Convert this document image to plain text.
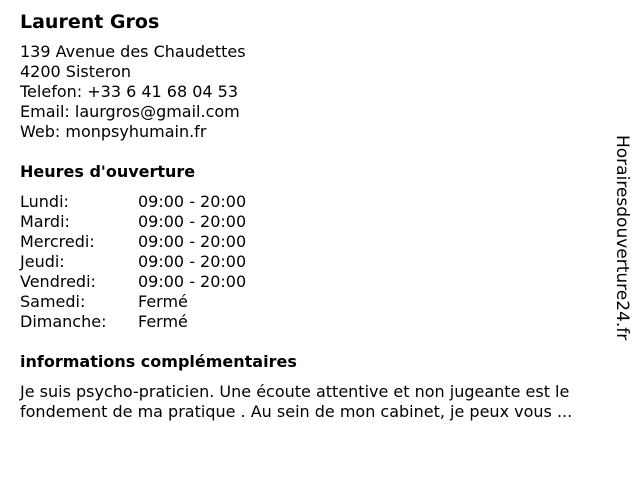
Laurent Gros
139 Avenue des Chaudettes
4200 Sisteron
Telefon: +33 6 41 68 04 53
Email: laurgros@gmail.com
Web: monpsyhumain.fr
Heures d'ouverture
Lundi:	09:00 - 20:00
Mardi:	09:00 - 20:00
Mercredi:	09:00 - 20:00
Jeudi:	09:00 - 20:00
Vendredi:	09:00 - 20:00
Samedi:	Fermé
Dimanche:	Fermé
informations complémentaires
Je suis psycho-praticien. Une écoute attentive et non jugeante est le
fondement de ma pratique . Au sein de mon cabinet, je peux vous ...
Horairesdouverture24.fr
